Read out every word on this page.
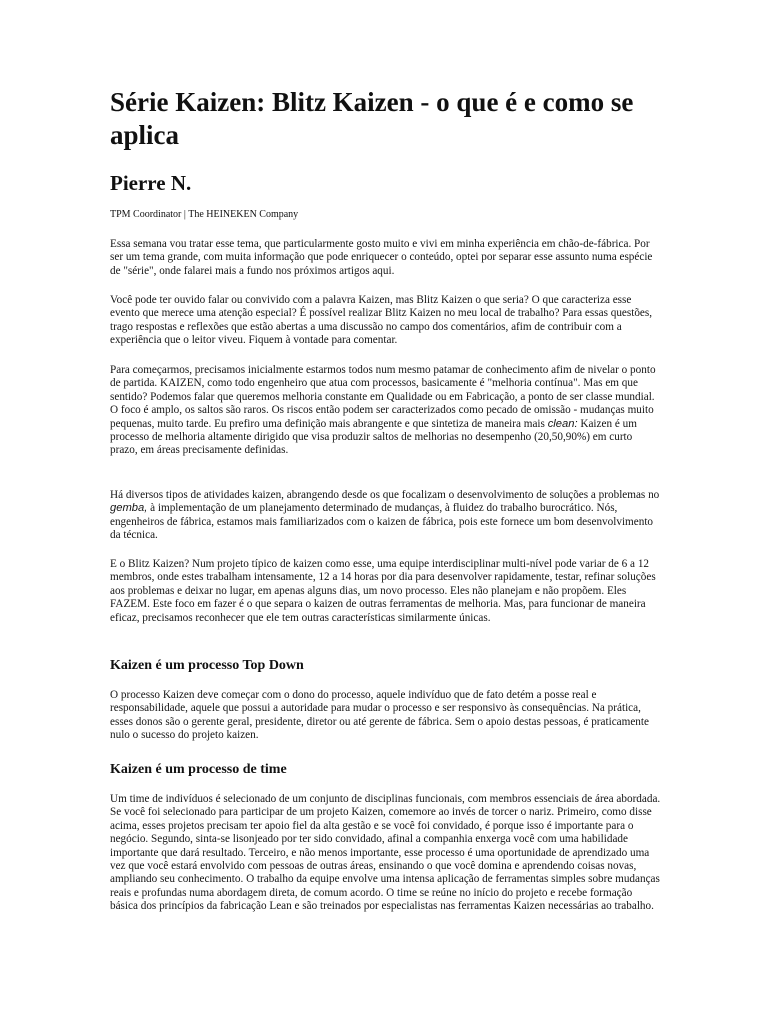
Série Kaizen: Blitz Kaizen - o que é e como se aplica
Pierre N.

TPM Coordinator | The HEINEKEN Company

Essa semana vou tratar esse tema, que particularmente gosto muito e vivi em minha experiência em chão-de-fábrica. Por ser um tema grande, com muita informação que pode enriquecer o conteúdo, optei por separar esse assunto numa espécie de "série", onde falarei mais a fundo nos próximos artigos aqui.

Você pode ter ouvido falar ou convivido com a palavra Kaizen, mas Blitz Kaizen o que seria? O que caracteriza esse evento que merece uma atenção especial? É possível realizar Blitz Kaizen no meu local de trabalho? Para essas questões, trago respostas e reflexões que estão abertas a uma discussão no campo dos comentários, afim de contribuir com a experiência que o leitor viveu. Fiquem à vontade para comentar.

Para começarmos, precisamos inicialmente estarmos todos num mesmo patamar de conhecimento afim de nivelar o ponto de partida. KAIZEN, como todo engenheiro que atua com processos, basicamente é "melhoria contínua". Mas em que sentido? Podemos falar que queremos melhoria constante em Qualidade ou em Fabricação, a ponto de ser classe mundial. O foco é amplo, os saltos são raros. Os riscos então podem ser caracterizados como pecado de omissão - mudanças muito pequenas, muito tarde. Eu prefiro uma definição mais abrangente e que sintetiza de maneira mais clean: Kaizen é um processo de melhoria altamente dirigido que visa produzir saltos de melhorias no desempenho (20,50,90%) em curto prazo, em áreas precisamente definidas.

Há diversos tipos de atividades kaizen, abrangendo desde os que focalizam o desenvolvimento de soluções a problemas no gemba, à implementação de um planejamento determinado de mudanças, à fluidez do trabalho burocrático. Nós, engenheiros de fábrica, estamos mais familiarizados com o kaizen de fábrica, pois este fornece um bom desenvolvimento da técnica.

E o Blitz Kaizen? Num projeto típico de kaizen como esse, uma equipe interdisciplinar multi-nível pode variar de 6 a 12 membros, onde estes trabalham intensamente, 12 a 14 horas por dia para desenvolver rapidamente, testar, refinar soluções aos problemas e deixar no lugar, em apenas alguns dias, um novo processo. Eles não planejam e não propõem. Eles FAZEM. Este foco em fazer é o que separa o kaizen de outras ferramentas de melhoria. Mas, para funcionar de maneira eficaz, precisamos reconhecer que ele tem outras características similarmente únicas.

Kaizen é um processo Top Down

O processo Kaizen deve começar com o dono do processo, aquele indivíduo que de fato detém a posse real e responsabilidade, aquele que possui a autoridade para mudar o processo e ser responsivo às consequências. Na prática, esses donos são o gerente geral, presidente, diretor ou até gerente de fábrica. Sem o apoio destas pessoas, é praticamente nulo o sucesso do projeto kaizen.

Kaizen é um processo de time

Um time de indivíduos é selecionado de um conjunto de disciplinas funcionais, com membros essenciais de área abordada. Se você foi selecionado para participar de um projeto Kaizen, comemore ao invés de torcer o nariz. Primeiro, como disse acima, esses projetos precisam ter apoio fiel da alta gestão e se você foi convidado, é porque isso é importante para o negócio. Segundo, sinta-se lisonjeado por ter sido convidado, afinal a companhia enxerga você com uma habilidade importante que dará resultado. Terceiro, e não menos importante, esse processo é uma oportunidade de aprendizado uma vez que você estará envolvido com pessoas de outras áreas, ensinando o que você domina e aprendendo coisas novas, ampliando seu conhecimento. O trabalho da equipe envolve uma intensa aplicação de ferramentas simples sobre mudanças reais e profundas numa abordagem direta, de comum acordo. O time se reúne no início do projeto e recebe formação básica dos princípios da fabricação Lean e são treinados por especialistas nas ferramentas Kaizen necessárias ao trabalho.
